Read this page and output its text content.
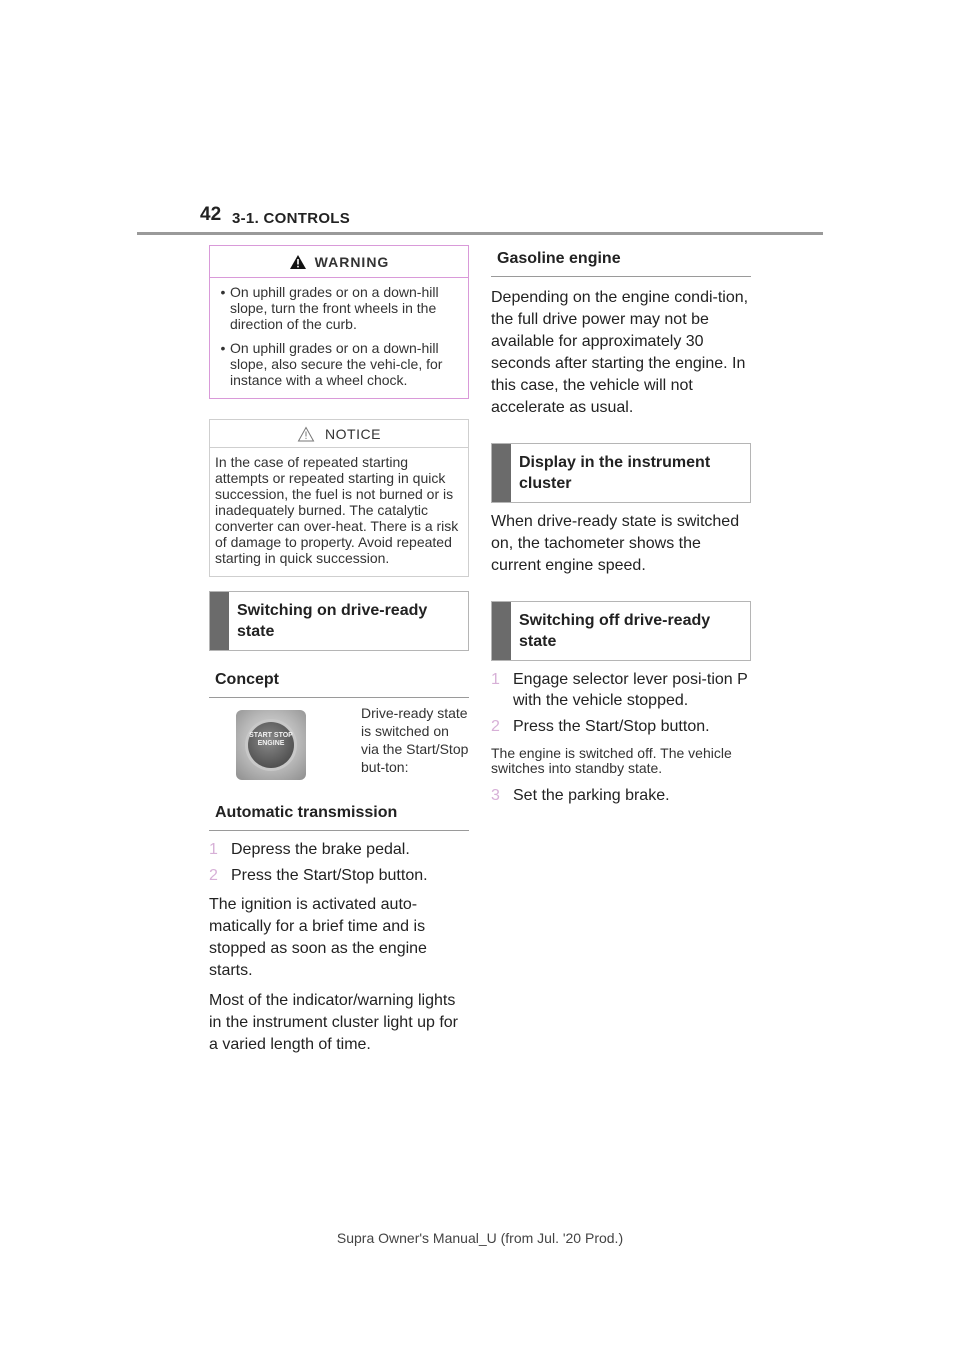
42 3-1. CONTROLS
WARNING
• On uphill grades or on a down-hill slope, turn the front wheels in the direction of the curb.
• On uphill grades or on a down-hill slope, also secure the vehi-cle, for instance with a wheel chock.
NOTICE
In the case of repeated starting attempts or repeated starting in quick succession, the fuel is not burned or is inadequately burned. The catalytic converter can over-heat. There is a risk of damage to property. Avoid repeated starting in quick succession.
Switching on drive-ready state
Concept
START STOP ENGINE
Drive-ready state is switched on via the Start/Stop but-ton:
Automatic transmission
1 Depress the brake pedal.
2 Press the Start/Stop button.

The ignition is activated auto-matically for a brief time and is stopped as soon as the engine starts.

Most of the indicator/warning lights in the instrument cluster light up for a varied length of time.

Gasoline engine

Depending on the engine condi-tion, the full drive power may not be available for approximately 30 seconds after starting the engine. In this case, the vehicle will not accelerate as usual.

Display in the instrument cluster

When drive-ready state is switched on, the tachometer shows the current engine speed.

Switching off drive-ready state
1 Engage selector lever posi-tion P with the vehicle stopped.
2 Press the Start/Stop button.

The engine is switched off. The vehicle switches into standby state.

3 Set the parking brake.
Supra Owner's Manual_U (from Jul. '20 Prod.)
